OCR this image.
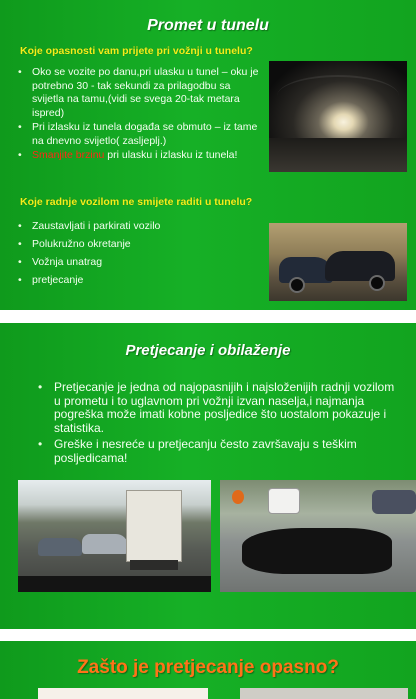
Promet u tunelu
Koje opasnosti vam prijete pri vožnji u tunelu?
• Oko se vozite po danu,pri ulasku u tunel – oku je potrebno 30 - tak sekundi za prilagodbu sa svijetla na tamu,(vidi se svega 20-tak metara ispred)
• Pri izlasku iz tunela događa se obmuto – iz tame na dnevno svijetlo( zasljeplj.)
• Smanjite brzinu pri ulasku i izlasku iz tunela!
Koje radnje vozilom ne smijete raditi u tunelu?
• Zaustavljati i parkirati vozilo
• Polukružno okretanje
• Vožnja unatrag
• pretjecanje
Pretjecanje i obilaženje
• Pretjecanje je jedna od najopasnijih i najsloženijih radnji vozilom u prometu i to uglavnom pri vožnji izvan naselja,i najmanja pogreška može imati kobne posljedice što uostalom pokazuje i statistika.
• Greške i nesreće u pretjecanju često završavaju s teškim posljedicama!
Zašto je pretjecanje opasno?
